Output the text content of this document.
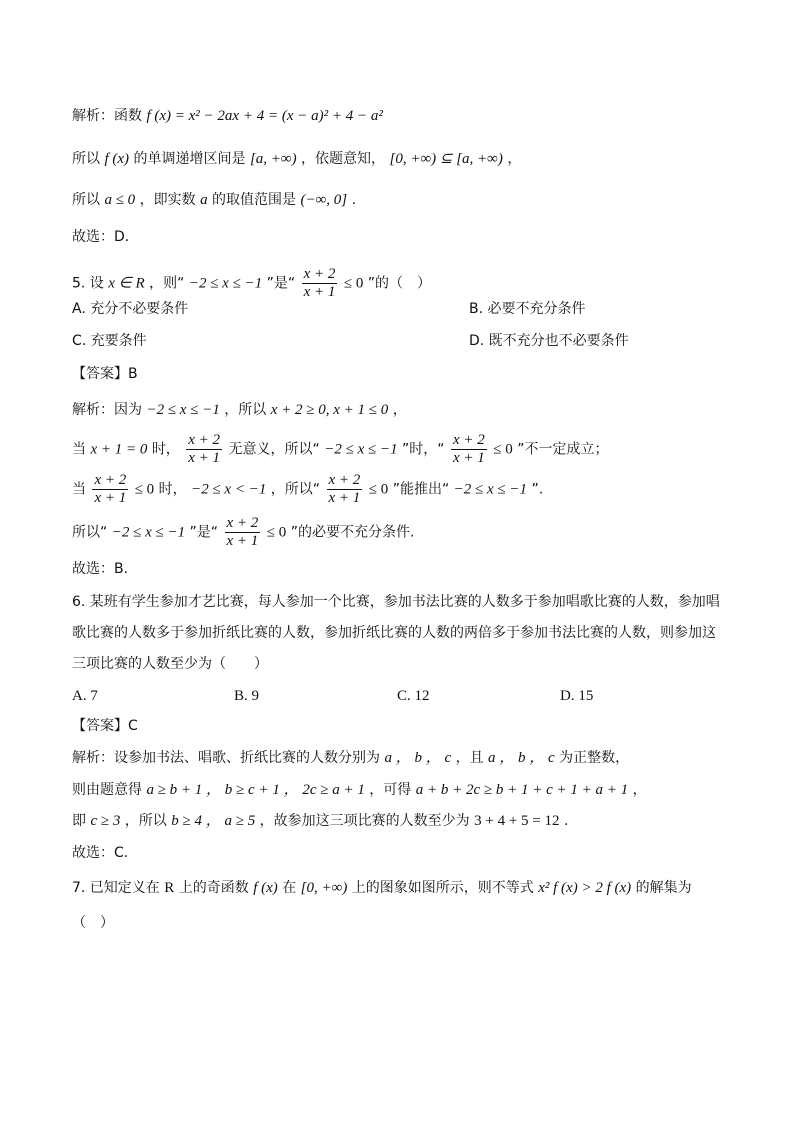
解析：函数 f (x) = x² − 2ax + 4 = (x − a)² + 4 − a²
所以 f (x) 的单调递增区间是 [a, +∞) ，依题意知， [0, +∞) ⊆ [a, +∞) ，
所以 a ≤ 0 ，即实数 a 的取值范围是 (−∞, 0] .
故选：D．
5. 设 x ∈ R ，则“ −2 ≤ x ≤ −1 ”是“ $\frac{x + 2}{x + 1} \le 0$ ”的（　）
A. 充分不必要条件	B. 必要不充分条件
C. 充要条件	D. 既不充分也不必要条件
【答案】B
解析：因为 −2 ≤ x ≤ −1 ，所以 x + 2 ≥ 0, x + 1 ≤ 0 ，
当 x + 1 = 0 时， $\frac{x + 2}{x + 1}$ 无意义，所以“ −2 ≤ x ≤ −1 ”时，“ $\frac{x + 2}{x + 1} \le 0$ ”不一定成立；
当 $\frac{x + 2}{x + 1} \le 0$ 时， −2 ≤ x < −1 ，所以“ $\frac{x + 2}{x + 1} \le 0$ ”能推出“ −2 ≤ x ≤ −1 ”.
所以“ −2 ≤ x ≤ −1 ”是“ $\frac{x + 2}{x + 1} \le 0$ ”的必要不充分条件.
故选：B.
6. 某班有学生参加才艺比赛，每人参加一个比赛，参加书法比赛的人数多于参加唱歌比赛的人数，参加唱
歌比赛的人数多于参加折纸比赛的人数，参加折纸比赛的人数的两倍多于参加书法比赛的人数，则参加这
三项比赛的人数至少为（　　）
A. 7	B. 9	C. 12	D. 15
【答案】C
解析：设参加书法、唱歌、折纸比赛的人数分别为 a ， b ， c ，且 a ， b ， c 为正整数，
则由题意得 a ≥ b + 1 ， b ≥ c + 1 ， 2c ≥ a + 1 ，可得 a + b + 2c ≥ b + 1 + c + 1 + a + 1 ，
即 c ≥ 3 ，所以 b ≥ 4 ， a ≥ 5 ，故参加这三项比赛的人数至少为 3 + 4 + 5 = 12 .
故选：C.
7. 已知定义在 R 上的奇函数 f (x) 在 [0, +∞) 上的图象如图所示，则不等式 x² f (x) > 2 f (x) 的解集为
（　）
